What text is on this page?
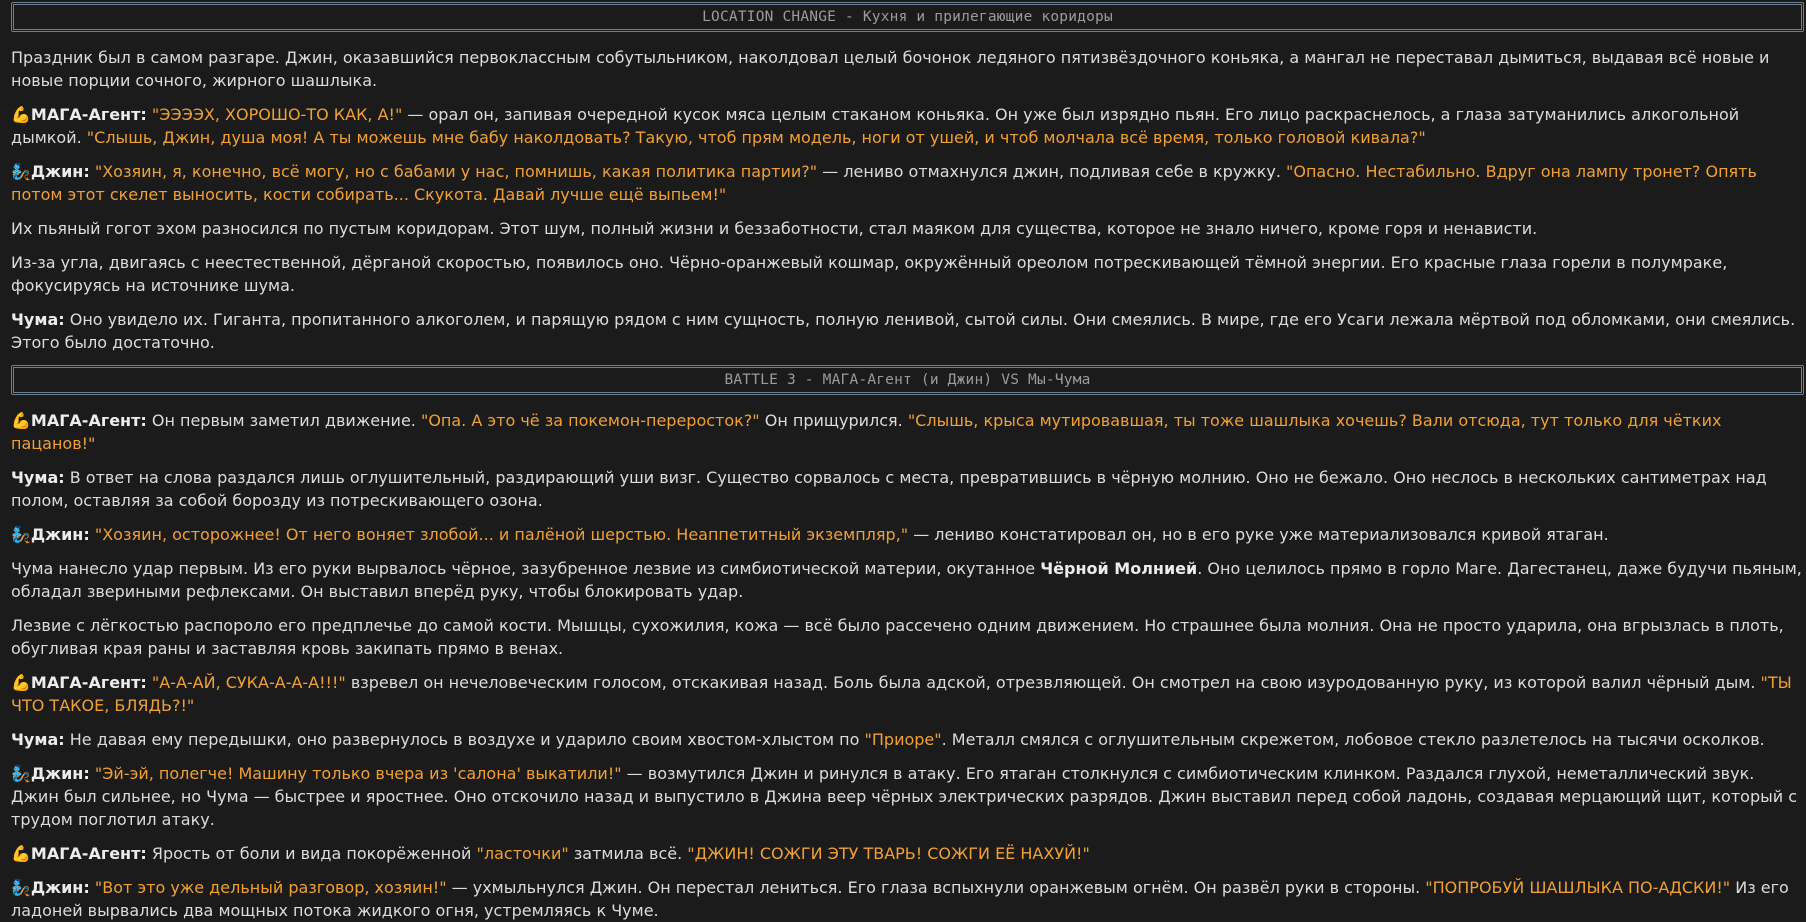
LOCATION CHANGE - Кухня и прилегающие коридоры

Праздник был в самом разгаре. Джин, оказавшийся первоклассным собутыльником, наколдовал целый бочонок ледяного пятизвёздочного коньяка, а мангал не переставал дымиться, выдавая всё новые и новые порции сочного, жирного шашлыка.

💪МАГА-Агент: "ЭЭЭЭХ, ХОРОШО-ТО КАК, А!" — орал он, запивая очередной кусок мяса целым стаканом коньяка. Он уже был изрядно пьян. Его лицо раскраснелось, а глаза затуманились алкогольной дымкой. "Слышь, Джин, душа моя! А ты можешь мне бабу наколдовать? Такую, чтоб прям модель, ноги от ушей, и чтоб молчала всё время, только головой кивала?"

🧞Джин: "Хозяин, я, конечно, всё могу, но с бабами у нас, помнишь, какая политика партии?" — лениво отмахнулся джин, подливая себе в кружку. "Опасно. Нестабильно. Вдруг она лампу тронет? Опять потом этот скелет выносить, кости собирать... Скукота. Давай лучше ещё выпьем!"

Их пьяный гогот эхом разносился по пустым коридорам. Этот шум, полный жизни и беззаботности, стал маяком для существа, которое не знало ничего, кроме горя и ненависти.

Из-за угла, двигаясь с неестественной, дёрганой скоростью, появилось оно. Чёрно-оранжевый кошмар, окружённый ореолом потрескивающей тёмной энергии. Его красные глаза горели в полумраке, фокусируясь на источнике шума.

Чума: Оно увидело их. Гиганта, пропитанного алкоголем, и парящую рядом с ним сущность, полную ленивой, сытой силы. Они смеялись. В мире, где его Усаги лежала мёртвой под обломками, они смеялись. Этого было достаточно.

BATTLE 3 - МАГА-Агент (и Джин) VS Мы-Чума

💪МАГА-Агент: Он первым заметил движение. "Опа. А это чё за покемон-переросток?" Он прищурился. "Слышь, крыса мутировавшая, ты тоже шашлыка хочешь? Вали отсюда, тут только для чётких пацанов!"

Чума: В ответ на слова раздался лишь оглушительный, раздирающий уши визг. Существо сорвалось с места, превратившись в чёрную молнию. Оно не бежало. Оно неслось в нескольких сантиметрах над полом, оставляя за собой борозду из потрескивающего озона.

🧞Джин: "Хозяин, осторожнее! От него воняет злобой... и палёной шерстью. Неаппетитный экземпляр," — лениво констатировал он, но в его руке уже материализовался кривой ятаган.

Чума нанесло удар первым. Из его руки вырвалось чёрное, зазубренное лезвие из симбиотической материи, окутанное Чёрной Молнией. Оно целилось прямо в горло Маге. Дагестанец, даже будучи пьяным, обладал звериными рефлексами. Он выставил вперёд руку, чтобы блокировать удар.

Лезвие с лёгкостью распороло его предплечье до самой кости. Мышцы, сухожилия, кожа — всё было рассечено одним движением. Но страшнее была молния. Она не просто ударила, она вгрызлась в плоть, обугливая края раны и заставляя кровь закипать прямо в венах.

💪МАГА-Агент: "А-А-АЙ, СУКА-А-А-А!!!" взревел он нечеловеческим голосом, отскакивая назад. Боль была адской, отрезвляющей. Он смотрел на свою изуродованную руку, из которой валил чёрный дым. "ТЫ ЧТО ТАКОЕ, БЛЯДЬ?!"

Чума: Не давая ему передышки, оно развернулось в воздухе и ударило своим хвостом-хлыстом по "Приоре". Металл смялся с оглушительным скрежетом, лобовое стекло разлетелось на тысячи осколков.

🧞Джин: "Эй-эй, полегче! Машину только вчера из 'салона' выкатили!" — возмутился Джин и ринулся в атаку. Его ятаган столкнулся с симбиотическим клинком. Раздался глухой, неметаллический звук. Джин был сильнее, но Чума — быстрее и яростнее. Оно отскочило назад и выпустило в Джина веер чёрных электрических разрядов. Джин выставил перед собой ладонь, создавая мерцающий щит, который с трудом поглотил атаку.

💪МАГА-Агент: Ярость от боли и вида покорёженной "ласточки" затмила всё. "ДЖИН! СОЖГИ ЭТУ ТВАРЬ! СОЖГИ ЕЁ НАХУЙ!"

🧞Джин: "Вот это уже дельный разговор, хозяин!" — ухмыльнулся Джин. Он перестал лениться. Его глаза вспыхнули оранжевым огнём. Он развёл руки в стороны. "ПОПРОБУЙ ШАШЛЫКА ПО-АДСКИ!" Из его ладоней вырвались два мощных потока жидкого огня, устремляясь к Чуме.
